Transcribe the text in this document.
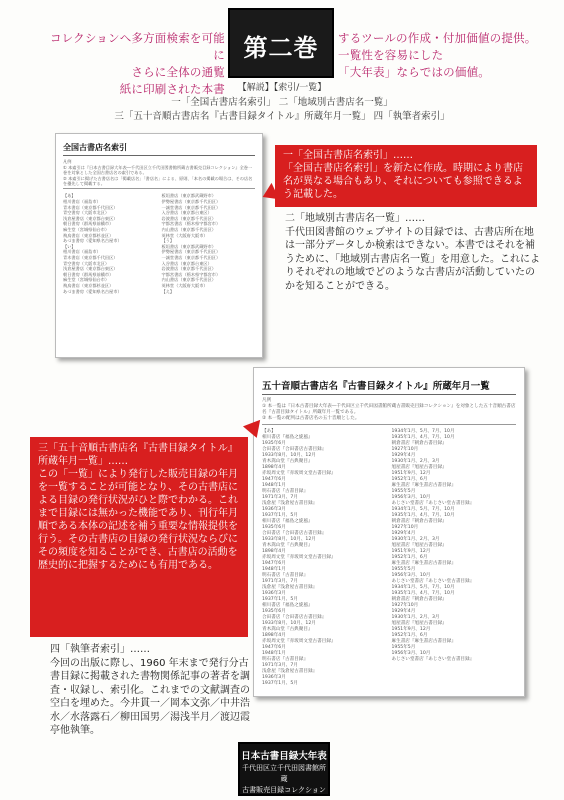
コレクションへ多方面検索を可能に
さらに全体の通覧
紙に印刷された本書
第二巻	するツールの作成・付加価値の提供。
一覧性を容易にした
「大年表」ならではの価値。
【解説】【索引/一覧】
一「全国古書店名索引」 二「地域別古書店名一覧」
三「五十音順古書店名『古書目録タイトル』所蔵年月一覧」 四「執筆者索引」
全国古書店名索引
凡例
① 本索引は『日本古書目録大年表―千代田区立千代田図書館所蔵古書販売目録コレクション』全巻一巻を対象とした全国古書店名の索引である。
② 本索引に掲げた古書店名は「掲載店名」「書店名」による、原則、「本名の掲載の場合は、その店名を優先して掲載する。
【あ】
相川書店（福島市）
青木書店（東京都千代田区）
青空書房（大阪市北区）
浅倉屋書店（東京都台東区）
朝日書房（群馬県前橋市）
麻生堂（宮城県仙台市）
飛鳥書店（東京都杉並区）
あづま書房（愛知県名古屋市）
【い】
相川書店（福島市）
青木書店（東京都千代田区）
青空書房（大阪市北区）
浅倉屋書店（東京都台東区）
朝日書房（群馬県前橋市）
麻生堂（宮城県仙台市）
飛鳥書店（東京都杉並区）
あづま書房（愛知県名古屋市）
板垣書店（東京都武蔵野市）
伊勢屋書店（東京都千代田区）
一誠堂書店（東京都千代田区）
入谷書店（東京都台東区）
岩波書店（東京都千代田区）
宇都宮書店（栃木県宇都宮市）
内山書店（東京都千代田区）
英林堂（大阪府大阪市）
【う】
板垣書店（東京都武蔵野市）
伊勢屋書店（東京都千代田区）
一誠堂書店（東京都千代田区）
入谷書店（東京都台東区）
岩波書店（東京都千代田区）
宇都宮書店（栃木県宇都宮市）
内山書店（東京都千代田区）
英林堂（大阪府大阪市）
【え】
一「全国古書店名索引」……
「全国古書店名索引」を新たに作成。時期により書店名が異なる場合もあり、それについても参照できるよう記載した。
二「地域別古書店名一覧」……
千代田図書館のウェブサイトの目録では、古書店所在地は一部分データしか検索はできない。本書ではそれを補うために、「地域別古書店名一覧」を用意した。これによりそれぞれの地域でどのような古書店が活動していたのかを知ることができる。
五十音順古書店名『古書目録タイトル』所蔵年月一覧
凡例
① 本一覧は『日本古書目録大年表―千代田区立千代田図書館所蔵古書販売目録コレクション』を対象とした五十音順古書店名『古書目録タイトル』所蔵年月一覧である。
② 本一覧の配列は古書店名の五十音順とした。
【あ】
相川書店『福島之旋風』
1935年6月
合田書店『合田書店古書目録』
1933年8月、10月、12月
青木嵩山堂『古典聚目』
1898年4月
赤坂周文堂『赤坂周文堂古書目録』
1947年6月
1948年1月
明石書店『古書目録』
1971年3月、7月
浅倉屋『浅倉屋古書目録』
1936年3月
1937年1月、5月
相川書店『福島之旋風』
1935年6月
合田書店『合田書店古書目録』
1933年8月、10月、12月
青木嵩山堂『古典聚目』
1898年4月
赤坂周文堂『赤坂周文堂古書目録』
1947年6月
1948年1月
明石書店『古書目録』
1971年3月、7月
浅倉屋『浅倉屋古書目録』
1936年3月
1937年1月、5月
相川書店『福島之旋風』
1935年6月
合田書店『合田書店古書目録』
1933年8月、10月、12月
青木嵩山堂『古典聚目』
1898年4月
赤坂周文堂『赤坂周文堂古書目録』
1947年6月
1948年1月
明石書店『古書目録』
1971年3月、7月
浅倉屋『浅倉屋古書目録』
1936年3月
1937年1月、5月
1934年1月、5月、7月、10月
1935年1月、4月、7月、10月
朝倉書店『朝倉古書目録』
1927年10月
1929年4月
1930年1月、2月、3月
旭屋書店『旭屋古書目録』
1951年9月、12月
1952年1月、6月
麻生書店『麻生書店古書目録』
1955年5月
1956年3月、10月
あじさい堂書店『あじさい堂古書目録』
1934年1月、5月、7月、10月
1935年1月、4月、7月、10月
朝倉書店『朝倉古書目録』
1927年10月
1929年4月
1930年1月、2月、3月
旭屋書店『旭屋古書目録』
1951年9月、12月
1952年1月、6月
麻生書店『麻生書店古書目録』
1955年5月
1956年3月、10月
あじさい堂書店『あじさい堂古書目録』
1934年1月、5月、7月、10月
1935年1月、4月、7月、10月
朝倉書店『朝倉古書目録』
1927年10月
1929年4月
1930年1月、2月、3月
旭屋書店『旭屋古書目録』
1951年9月、12月
1952年1月、6月
麻生書店『麻生書店古書目録』
1955年5月
1956年3月、10月
あじさい堂書店『あじさい堂古書目録』
三「五十音順古書店名『古書目録タイトル』所蔵年月一覧」……
この「一覧」により発行した販売目録の年月を一覧することが可能となり、その古書店による目録の発行状況がひと際でわかる。これまで目録には無かった機能であり、刊行年月順である本体の記述を補う重要な情報提供を行う。その古書店の目録の発行状況ならびにその頻度を知ることができ、古書店の活動を歴史的に把握するためにも有用である。
四「執筆者索引」……
今回の出版に際し、1960 年末まで発行分古書目録に掲載された書物関係記事の著者を調査・収録し、索引化。これまでの文献調査の空白を埋めた。今井貫一／岡本文弥／中井浩水／水落露石／柳田国男／湯浅半月／渡辺霞亭他執筆。
日本古書目録大年表
千代田区立千代田図書館所蔵
古書販売目録コレクション
